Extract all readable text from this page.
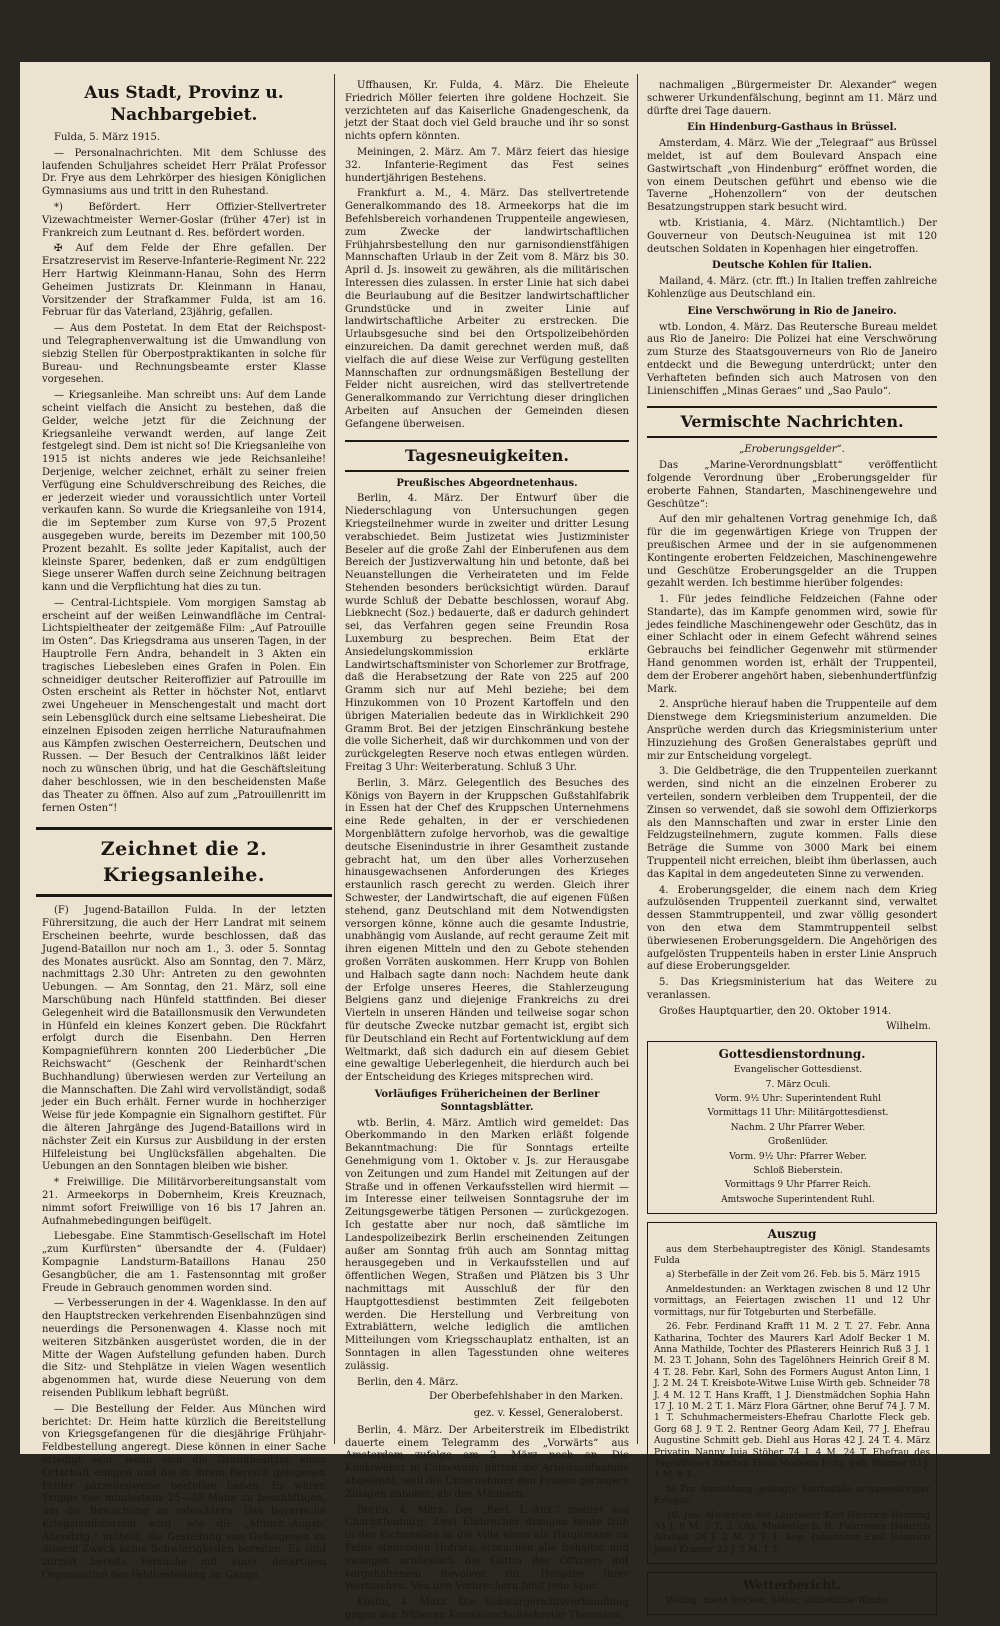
Aus Stadt, Provinz u. Nachbargebiet.

Fulda, 5. März 1915.

— Personalnachrichten. Mit dem Schlusse des laufenden Schuljahres scheidet Herr Prälat Professor Dr. Frye aus dem Lehrkörper des hiesigen Königlichen Gymnasiums aus und tritt in den Ruhestand.

*) Befördert. Herr Offizier-Stellvertreter Vizewachtmeister Werner-Goslar (früher 47er) ist in Frankreich zum Leutnant d. Res. befördert worden.

✠ Auf dem Felde der Ehre gefallen. Der Ersatzreservist im Reserve-Infanterie-Regiment Nr. 222 Herr Hartwig Kleinmann-Hanau, Sohn des Herrn Geheimen Justizrats Dr. Kleinmann in Hanau, Vorsitzender der Strafkammer Fulda, ist am 16. Februar für das Vaterland, 23jährig, gefallen.

— Aus dem Postetat. In dem Etat der Reichspost- und Telegraphenverwaltung ist die Umwandlung von siebzig Stellen für Oberpostpraktikanten in solche für Bureau- und Rechnungsbeamte erster Klasse vorgesehen.

— Kriegsanleihe. Man schreibt uns: Auf dem Lande scheint vielfach die Ansicht zu bestehen, daß die Gelder, welche jetzt für die Zeichnung der Kriegsanleihe verwandt werden, auf lange Zeit festgelegt sind. Dem ist nicht so! Die Kriegsanleihe von 1915 ist nichts anderes wie jede Reichsanleihe! Derjenige, welcher zeichnet, erhält zu seiner freien Verfügung eine Schuldverschreibung des Reiches, die er jederzeit wieder und voraussichtlich unter Vorteil verkaufen kann. So wurde die Kriegsanleihe von 1914, die im September zum Kurse von 97,5 Prozent ausgegeben wurde, bereits im Dezember mit 100,50 Prozent bezahlt. Es sollte jeder Kapitalist, auch der kleinste Sparer, bedenken, daß er zum endgültigen Siege unserer Waffen durch seine Zeichnung beitragen kann und die Verpflichtung hat dies zu tun.

— Central-Lichtspiele. Vom morgigen Samstag ab erscheint auf der weißen Leinwandfläche im Central-Lichtspieltheater der zeitgemäße Film: „Auf Patrouille im Osten“. Das Kriegsdrama aus unseren Tagen, in der Hauptrolle Fern Andra, behandelt in 3 Akten ein tragisches Liebesleben eines Grafen in Polen. Ein schneidiger deutscher Reiteroffizier auf Patrouille im Osten erscheint als Retter in höchster Not, entlarvt zwei Ungeheuer in Menschengestalt und macht dort sein Lebensglück durch eine seltsame Liebesheirat. Die einzelnen Episoden zeigen herrliche Naturaufnahmen aus Kämpfen zwischen Oesterreichern, Deutschen und Russen. — Der Besuch der Centralkinos läßt leider noch zu wünschen übrig, und hat die Geschäftsleitung daher beschlossen, wie in den bescheidensten Maße das Theater zu öffnen. Also auf zum „Patrouillenritt im fernen Osten“!

Zeichnet die 2. Kriegsanleihe.

(F) Jugend-Bataillon Fulda. In der letzten Führersitzung, die auch der Herr Landrat mit seinem Erscheinen beehrte, wurde beschlossen, daß das Jugend-Bataillon nur noch am 1., 3. oder 5. Sonntag des Monates ausrückt. Also am Sonntag, den 7. März, nachmittags 2.30 Uhr: Antreten zu den gewohnten Uebungen. — Am Sonntag, den 21. März, soll eine Marschübung nach Hünfeld stattfinden. Bei dieser Gelegenheit wird die Bataillonsmusik den Verwundeten in Hünfeld ein kleines Konzert geben. Die Rückfahrt erfolgt durch die Eisenbahn. Den Herren Kompagnieführern konnten 200 Liederbücher „Die Reichswacht“ (Geschenk der Reinhardt'schen Buchhandlung) überwiesen werden zur Verteilung an die Mannschaften. Die Zahl wird vervollständigt, sodaß jeder ein Buch erhält. Ferner wurde in hochherziger Weise für jede Kompagnie ein Signalhorn gestiftet. Für die älteren Jahrgänge des Jugend-Bataillons wird in nächster Zeit ein Kursus zur Ausbildung in der ersten Hilfeleistung bei Unglücksfällen abgehalten. Die Uebungen an den Sonntagen bleiben wie bisher.

* Freiwillige. Die Militärvorbereitungsanstalt vom 21. Armeekorps in Dobernheim, Kreis Kreuznach, nimmt sofort Freiwillige von 16 bis 17 Jahren an. Aufnahmebedingungen beifügelt.

Liebesgabe. Eine Stammtisch-Gesellschaft im Hotel „zum Kurfürsten“ übersandte der 4. (Fuldaer) Kompagnie Landsturm-Bataillons Hanau 250 Gesangbücher, die am 1. Fastensonntag mit großer Freude in Gebrauch genommen worden sind.

— Verbesserungen in der 4. Wagenklasse. In den auf den Hauptstrecken verkehrenden Eisenbahnzügen sind neuerdings die Personenwagen 4. Klasse noch mit weiteren Sitzbänken ausgerüstet worden, die in der Mitte der Wagen Aufstellung gefunden haben. Durch die Sitz- und Stehplätze in vielen Wagen wesentlich abgenommen hat, wurde diese Neuerung von dem reisenden Publikum lebhaft begrüßt.

— Die Bestellung der Felder. Aus München wird berichtet: Dr. Heim hatte kürzlich die Bereitstellung von Kriegsgefangenen für die diesjährige Frühjahr-Feldbestellung angeregt. Diese können in einer Sache erledigt sein, wenn sich die Grundbesitzer einer Ortschaft einigen und die in ihrem Bereich gelegenen Felder parzellenweise bestellen ließen. Es wären Trupps von mindestens 25—30 Mann zu beschäftigen, um die Bewachung zu erleichtern. Das bayerische Kriegsministerium wird, wie die „Münch.-Augsb. Abendztg.“ mitteilt, die Gestellung von Gefangenen zu diesem Zweck keine Schwierigkeiten bereiten. Es sind zurzeit bereits Versuche mit einer derartigen Organisation der Feldbestellung im Gange.

Uffhausen, Kr. Fulda, 4. März. Die Eheleute Friedrich Möller feierten ihre goldene Hochzeit. Sie verzichteten auf das Kaiserliche Gnadengeschenk, da jetzt der Staat doch viel Geld brauche und ihr so sonst nichts opfern könnten.

Meiningen, 2. März. Am 7. März feiert das hiesige 32. Infanterie-Regiment das Fest seines hundertjährigen Bestehens.

Frankfurt a. M., 4. März. Das stellvertretende Generalkommando des 18. Armeekorps hat die im Befehlsbereich vorhandenen Truppenteile angewiesen, zum Zwecke der landwirtschaftlichen Frühjahrsbestellung den nur garnisondienstfähigen Mannschaften Urlaub in der Zeit vom 8. März bis 30. April d. Js. insoweit zu gewähren, als die militärischen Interessen dies zulassen. In erster Linie hat sich dabei die Beurlaubung auf die Besitzer landwirtschaftlicher Grundstücke und in zweiter Linie auf landwirtschaftliche Arbeiter zu erstrecken. Die Urlaubsgesuche sind bei den Ortspolizeibehörden einzureichen. Da damit gerechnet werden muß, daß vielfach die auf diese Weise zur Verfügung gestellten Mannschaften zur ordnungsmäßigen Bestellung der Felder nicht ausreichen, wird das stellvertretende Generalkommando zur Verrichtung dieser dringlichen Arbeiten auf Ansuchen der Gemeinden diesen Gefangene überweisen.

Tagesneuigkeiten.
Preußisches Abgeordnetenhaus.

Berlin, 4. März. Der Entwurf über die Niederschlagung von Untersuchungen gegen Kriegsteilnehmer wurde in zweiter und dritter Lesung verabschiedet. Beim Justizetat wies Justizminister Beseler auf die große Zahl der Einberufenen aus dem Bereich der Justizverwaltung hin und betonte, daß bei Neuanstellungen die Verheirateten und im Felde Stehenden besonders berücksichtigt würden. Darauf wurde Schluß der Debatte beschlossen, worauf Abg. Liebknecht (Soz.) bedauerte, daß er dadurch gehindert sei, das Verfahren gegen seine Freundin Rosa Luxemburg zu besprechen. Beim Etat der Ansiedelungskommission erklärte Landwirtschaftsminister von Schorlemer zur Brotfrage, daß die Herabsetzung der Rate von 225 auf 200 Gramm sich nur auf Mehl beziehe; bei dem Hinzukommen von 10 Prozent Kartoffeln und den übrigen Materialien bedeute das in Wirklichkeit 290 Gramm Brot. Bei der jetzigen Einschränkung bestehe die volle Sicherheit, daß wir durchkommen und von der zurückgelegten Reserve noch etwas entlegen würden. Freitag 3 Uhr: Weiterberatung. Schluß 3 Uhr.

Berlin, 3. März. Gelegentlich des Besuches des Königs von Bayern in der Kruppschen Gußstahlfabrik in Essen hat der Chef des Kruppschen Unternehmens eine Rede gehalten, in der er verschiedenen Morgenblättern zufolge hervorhob, was die gewaltige deutsche Eisenindustrie in ihrer Gesamtheit zustande gebracht hat, um den über alles Vorherzusehen hinausgewachsenen Anforderungen des Krieges erstaunlich rasch gerecht zu werden. Gleich ihrer Schwester, der Landwirtschaft, die auf eigenen Füßen stehend, ganz Deutschland mit dem Notwendigsten versorgen könne, könne auch die gesamte Industrie, unabhängig vom Auslande, auf recht geraume Zeit mit ihren eigenen Mitteln und den zu Gebote stehenden großen Vorräten auskommen. Herr Krupp von Bohlen und Halbach sagte dann noch: Nachdem heute dank der Erfolge unseres Heeres, die Stahlerzeugung Belgiens ganz und diejenige Frankreichs zu drei Vierteln in unseren Händen und teilweise sogar schon für deutsche Zwecke nutzbar gemacht ist, ergibt sich für Deutschland ein Recht auf Fortentwicklung auf dem Weltmarkt, daß sich dadurch ein auf diesem Gebiet eine gewaltige Ueberlegenheit, die hierdurch auch bei der Entscheidung des Krieges mitsprechen wird.

Vorläufiges Frühericheinen der Berliner Sonntagsblätter.

wtb. Berlin, 4. März. Amtlich wird gemeldet: Das Oberkommando in den Marken erläßt folgende Bekanntmachung: Die für Sonntags erteilte Genehmigung vom 1. Oktober v. Js. zur Herausgabe von Zeitungen und zum Handel mit Zeitungen auf der Straße und in offenen Verkaufsstellen wird hiermit — im Interesse einer teilweisen Sonntagsruhe der im Zeitungsgewerbe tätigen Personen — zurückgezogen. Ich gestatte aber nur noch, daß sämtliche im Landespolizeibezirk Berlin erscheinenden Zeitungen außer am Sonntag früh auch am Sonntag mittag herausgegeben und in Verkaufsstellen und auf öffentlichen Wegen, Straßen und Plätzen bis 3 Uhr nachmittags mit Ausschluß der für den Hauptgottesdienst bestimmten Zeit feilgeboten werden. Die Herstellung und Verbreitung von Extrablättern, welche lediglich die amtlichen Mitteilungen vom Kriegsschauplatz enthalten, ist an Sonntagen in allen Tagesstunden ohne weiteres zulässig.

Berlin, den 4. März.
Der Oberbefehlshaber in den Marken.
gez. v. Kessel, Generaloberst.

Berlin, 4. März. Der Arbeiterstreik im Elbedistrikt dauerte einem Telegramm des „Vorwärts“ aus Amsterdam zufolge am 2. März noch an. Die Khakiweber in Colnewally hätten die Arbeitsaufnahme abgelehnt, weil die Unternehmer den Frauen geringere Zulagen anboten, als den Männern.

Berlin, 4. März. Der „Berl. L.-Anz.“ meldet aus Charlottenburg: Zwei Einbrecher drangen heute früh in der Eichenallee in die Villa eines als Hauptmann im Felde stehenden Hofrats, erbrachen alle Behälter und zwangen schließlich die Gattin des Offiziers mit vorgehaltenem Revolver zur Hergabe ihrer Wertsachen. Von den Verbrechern fehlt jede Spur.

Köslin, 4. März. Die Schwurgerichtsverhandlung gegen den früheren Kreisausschußsekretär Thormann,

nachmaligen „Bürgermeister Dr. Alexander“ wegen schwerer Urkundenfälschung, beginnt am 11. März und dürfte drei Tage dauern.

Ein Hindenburg-Gasthaus in Brüssel.

Amsterdam, 4. März. Wie der „Telegraaf“ aus Brüssel meldet, ist auf dem Boulevard Anspach eine Gastwirtschaft „von Hindenburg“ eröffnet worden, die von einem Deutschen geführt und ebenso wie die Taverne „Hohenzollern“ von der deutschen Besatzungstruppen stark besucht wird.

wtb. Kristiania, 4. März. (Nichtamtlich.) Der Gouverneur von Deutsch-Neuguinea ist mit 120 deutschen Soldaten in Kopenhagen hier eingetroffen.

Deutsche Kohlen für Italien.

Mailand, 4. März. (ctr. fft.) In Italien treffen zahlreiche Kohlenzüge aus Deutschland ein.

Eine Verschwörung in Rio de Janeiro.

wtb. London, 4. März. Das Reutersche Bureau meldet aus Rio de Janeiro: Die Polizei hat eine Verschwörung zum Sturze des Staatsgouverneurs von Rio de Janeiro entdeckt und die Bewegung unterdrückt; unter den Verhafteten befinden sich auch Matrosen von den Linienschiffen „Minas Geraes“ und „Sao Paulo“.

Vermischte Nachrichten.
„Eroberungsgelder“.

Das „Marine-Verordnungsblatt“ veröffentlicht folgende Verordnung über „Eroberungsgelder für eroberte Fahnen, Standarten, Maschinengewehre und Geschütze“:

Auf den mir gehaltenen Vortrag genehmige Ich, daß für die im gegenwärtigen Kriege von Truppen der preußischen Armee und der in sie aufgenommenen Kontingente eroberten Feldzeichen, Maschinengewehre und Geschütze Eroberungsgelder an die Truppen gezahlt werden. Ich bestimme hierüber folgendes:

1. Für jedes feindliche Feldzeichen (Fahne oder Standarte), das im Kampfe genommen wird, sowie für jedes feindliche Maschinengewehr oder Geschütz, das in einer Schlacht oder in einem Gefecht während seines Gebrauchs bei feindlicher Gegenwehr mit stürmender Hand genommen worden ist, erhält der Truppenteil, dem der Eroberer angehört haben, siebenhundertfünfzig Mark.

2. Ansprüche hierauf haben die Truppenteile auf dem Dienstwege dem Kriegsministerium anzumelden. Die Ansprüche werden durch das Kriegsministerium unter Hinzuziehung des Großen Generalstabes geprüft und mir zur Entscheidung vorgelegt.

3. Die Geldbeträge, die den Truppenteilen zuerkannt werden, sind nicht an die einzelnen Eroberer zu verteilen, sondern verbleiben dem Truppenteil, der die Zinsen so verwendet, daß sie sowohl dem Offizierkorps als den Mannschaften und zwar in erster Linie den Feldzugsteilnehmern, zugute kommen. Falls diese Beträge die Summe von 3000 Mark bei einem Truppenteil nicht erreichen, bleibt ihm überlassen, auch das Kapital in dem angedeuteten Sinne zu verwenden.

4. Eroberungsgelder, die einem nach dem Krieg aufzulösenden Truppenteil zuerkannt sind, verwaltet dessen Stammtruppenteil, und zwar völlig gesondert von den etwa dem Stammtruppenteil selbst überwiesenen Eroberungsgeldern. Die Angehörigen des aufgelösten Truppenteils haben in erster Linie Anspruch auf diese Eroberungsgelder.

5. Das Kriegsministerium hat das Weitere zu veranlassen.

Großes Hauptquartier, den 20. Oktober 1914.
Wilhelm.
Gottesdienstordnung.

Evangelischer Gottesdienst.

7. März Oculi.

Vorm. 9½ Uhr: Superintendent Ruhl

Vormittags 11 Uhr: Militärgottesdienst.

Nachm. 2 Uhr Pfarrer Weber.

Großenlüder.

Vorm. 9½ Uhr: Pfarrer Weber.

Schloß Bieberstein.

Vormittags 9 Uhr Pfarrer Reich.

Amtswoche Superintendent Ruhl.

Auszug

aus dem Sterbehauptregister des Königl. Standesamts Fulda

a) Sterbefälle in der Zeit vom 26. Feb. bis 5. März 1915

Anmeldestunden: an Werktagen zwischen 8 und 12 Uhr vormittags, an Feiertagen zwischen 11 und 12 Uhr vormittags, nur für Totgeburten und Sterbefälle.

26. Febr. Ferdinand Krafft 11 M. 2 T. 27. Febr. Anna Katharina, Tochter des Maurers Karl Adolf Becker 1 M. Anna Mathilde, Tochter des Pflasterers Heinrich Ruß 3 J. 1 M. 23 T. Johann, Sohn des Tagelöhners Heinrich Greif 8 M. 4 T. 28. Febr. Karl, Sohn des Formers August Anton Linn, 1 J. 2 M. 24 T. Kreisbote-Witwe Luise Wirth geb. Schneider 78 J. 4 M. 12 T. Hans Krafft, 1 J. Dienstmädchen Sophia Hahn 17 J. 10 M. 2 T. 1. März Flora Gärtner, ohne Beruf 74 J. 7 M. 1 T. Schuhmachermeisters-Ehefrau Charlotte Fleck geb. Gorg 68 J. 9 T. 2. Rentner Georg Adam Keil, 77 J. Ehefrau Augustine Schmitt geb. Diehl aus Horas 42 J. 24 T. 4. März Privatin Nanny Juja Stöber 74 J. 4 M. 24 T. Ehefrau des Tagelöhners Ehefrau Flora Modesta Fritz, geb. Wagner 63 J. 1 M. 8 T.

b) Zur Anmeldung gelangte Sterbefälle ortsangehöriger Krieger:

10. Jan. Musketier der Landwehr Karl Heinrich Henning 33 J. 8 M. 5 T. 3. Okt. Musketier b. R. Fuhrmann Heinrich Altstadt 26 J. 2 M. 2 T. 1. Kop. Infanterist Emil Heinrich Josef Kramer 23 J. 5 M. 1 T.

Wetterbericht.

Wolkig, meist trocken, kälter, südöstliche Winde.
